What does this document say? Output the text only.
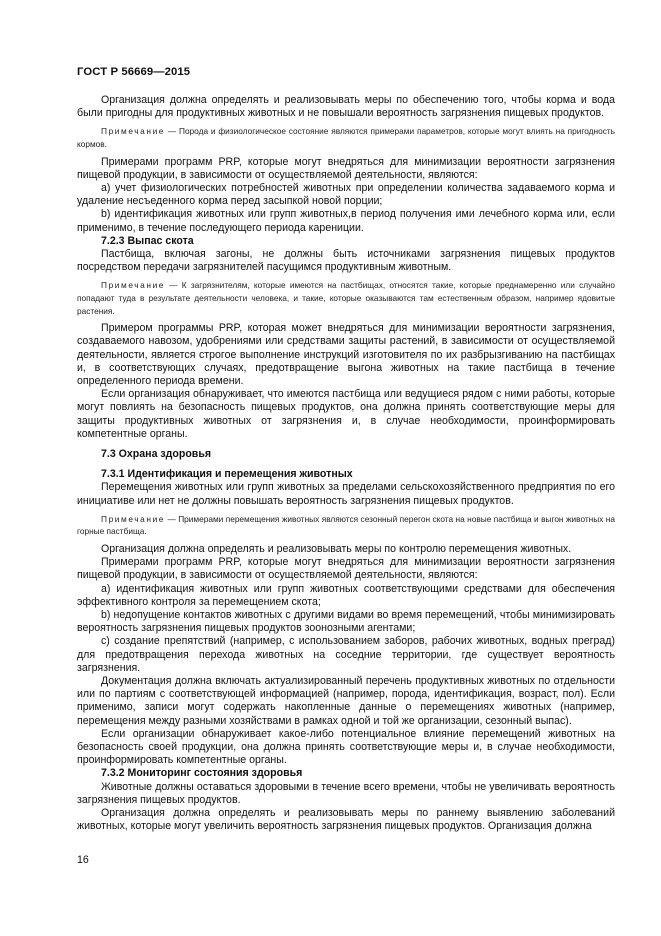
ГОСТ Р 56669—2015

Организация должна определять и реализовывать меры по обеспечению того, чтобы корма и вода были пригодны для продуктивных животных и не повышали вероятность загрязнения пищевых продуктов.

Примечание — Порода и физиологическое состояние являются примерами параметров, которые могут влиять на пригодность кормов.

Примерами программ PRP, которые могут внедряться для минимизации вероятности загрязнения пищевой продукции, в зависимости от осуществляемой деятельности, являются:

a) учет физиологических потребностей животных при определении количества задаваемого корма и удаление несъеденного корма перед засыпкой новой порции;

b) идентификация животных или групп животных,в период получения ими лечебного корма или, если применимо, в течение последующего периода карениции.

7.2.3 Выпас скота

Пастбища, включая загоны, не должны быть источниками загрязнения пищевых продуктов посредством передачи загрязнителей пасущимся продуктивным животным.

Примечание — К загрязнителям, которые имеются на пастбищах, относятся такие, которые преднамеренно или случайно попадают туда в результате деятельности человека, и такие, которые оказываются там естественным образом, например ядовитые растения.

Примером программы PRP, которая может внедряться для минимизации вероятности загрязнения, создаваемого навозом, удобрениями или средствами защиты растений, в зависимости от осуществляемой деятельности, является строгое выполнение инструкций изготовителя по их разбрызгиванию на пастбищах и, в соответствующих случаях, предотвращение выгона животных на такие пастбища в течение определенного периода времени.

Если организация обнаруживает, что имеются пастбища или ведущиеся рядом с ними работы, которые могут повлиять на безопасность пищевых продуктов, она должна принять соответствующие меры для защиты продуктивных животных от загрязнения и, в случае необходимости, проинформировать компетентные органы.

7.3 Охрана здоровья

7.3.1 Идентификация и перемещения животных

Перемещения животных или групп животных за пределами сельскохозяйственного предприятия по его инициативе или нет не должны повышать вероятность загрязнения пищевых продуктов.

Примечание — Примерами перемещения животных являются сезонный перегон скота на новые пастбища и выгон животных на горные пастбища.

Организация должна определять и реализовывать меры по контролю перемещения животных.

Примерами программ PRP, которые могут внедряться для минимизации вероятности загрязнения пищевой продукции, в зависимости от осуществляемой деятельности, являются:

a) идентификация животных или групп животных соответствующими средствами для обеспечения эффективного контроля за перемещением скота;

b) недопущение контактов животных с другими видами во время перемещений, чтобы минимизировать вероятность загрязнения пищевых продуктов зоонозными агентами;

c) создание препятствий (например, с использованием заборов, рабочих животных, водных преград) для предотвращения перехода животных на соседние территории, где существует вероятность загрязнения.

Документация должна включать актуализированный перечень продуктивных животных по отдельности или по партиям с соответствующей информацией (например, порода, идентификация, возраст, пол). Если применимо, записи могут содержать накопленные данные о перемещениях животных (например, перемещения между разными хозяйствами в рамках одной и той же организации, сезонный выпас).

Если организации обнаруживает какое-либо потенциальное влияние перемещений животных на безопасность своей продукции, она должна принять соответствующие меры и, в случае необходимости, проинформировать компетентные органы.

7.3.2 Мониторинг состояния здоровья

Животные должны оставаться здоровыми в течение всего времени, чтобы не увеличивать вероятность загрязнения пищевых продуктов.

Организация должна определять и реализовывать меры по раннему выявлению заболеваний животных, которые могут увеличить вероятность загрязнения пищевых продуктов. Организация должна

16
